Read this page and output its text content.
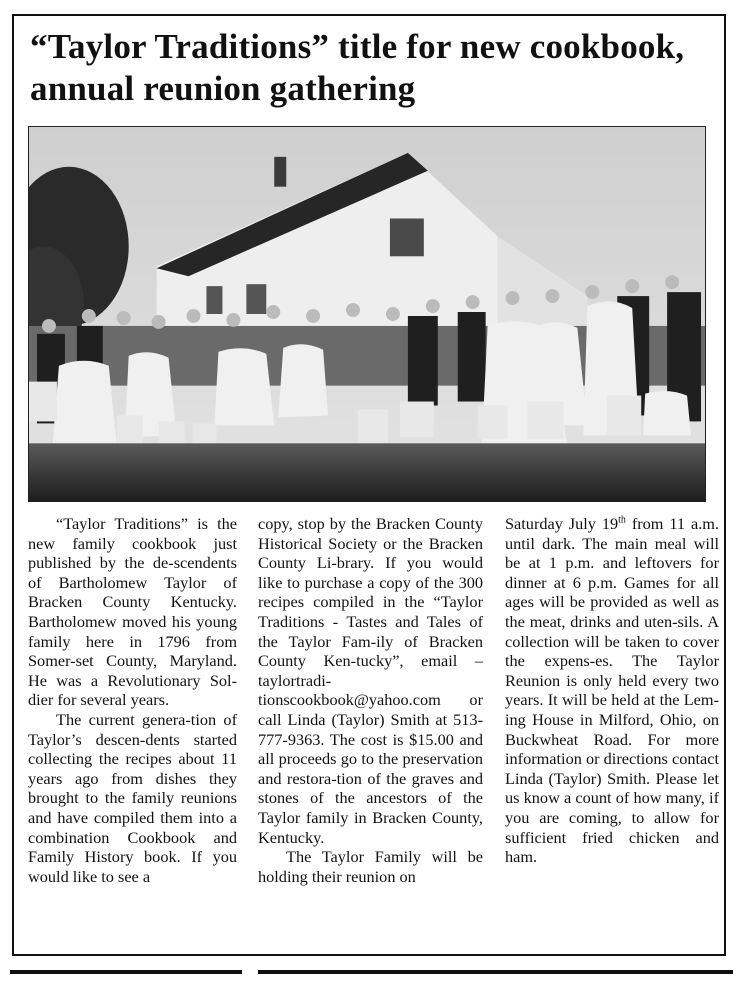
“Taylor Traditions” title for new cookbook, annual reunion gathering

“Taylor Traditions” is the new family cookbook just published by the de-scendents of Bartholomew Taylor of Bracken County Kentucky. Bartholomew moved his young family here in 1796 from Somer-set County, Maryland. He was a Revolutionary Sol-dier for several years.

The current genera-tion of Taylor’s descen-dents started collecting the recipes about 11 years ago from dishes they brought to the family reunions and have compiled them into a combination Cookbook and Family History book. If you would like to see a

copy, stop by the Bracken County Historical Society or the Bracken County Li-brary. If you would like to purchase a copy of the 300 recipes compiled in the “Taylor Traditions - Tastes and Tales of the Taylor Fam-ily of Bracken County Ken-tucky”, email – taylortradi-tionscookbook@yahoo.com or call Linda (Taylor) Smith at 513-777-9363. The cost is $15.00 and all proceeds go to the preservation and restora-tion of the graves and stones of the ancestors of the Taylor family in Bracken County, Kentucky.

The Taylor Family will be holding their reunion on

Saturday July 19th from 11 a.m. until dark. The main meal will be at 1 p.m. and leftovers for dinner at 6 p.m. Games for all ages will be provided as well as the meat, drinks and uten-sils. A collection will be taken to cover the expens-es. The Taylor Reunion is only held every two years. It will be held at the Lem-ing House in Milford, Ohio, on Buckwheat Road. For more information or directions contact Linda (Taylor) Smith. Please let us know a count of how many, if you are coming, to allow for sufficient fried chicken and ham.
